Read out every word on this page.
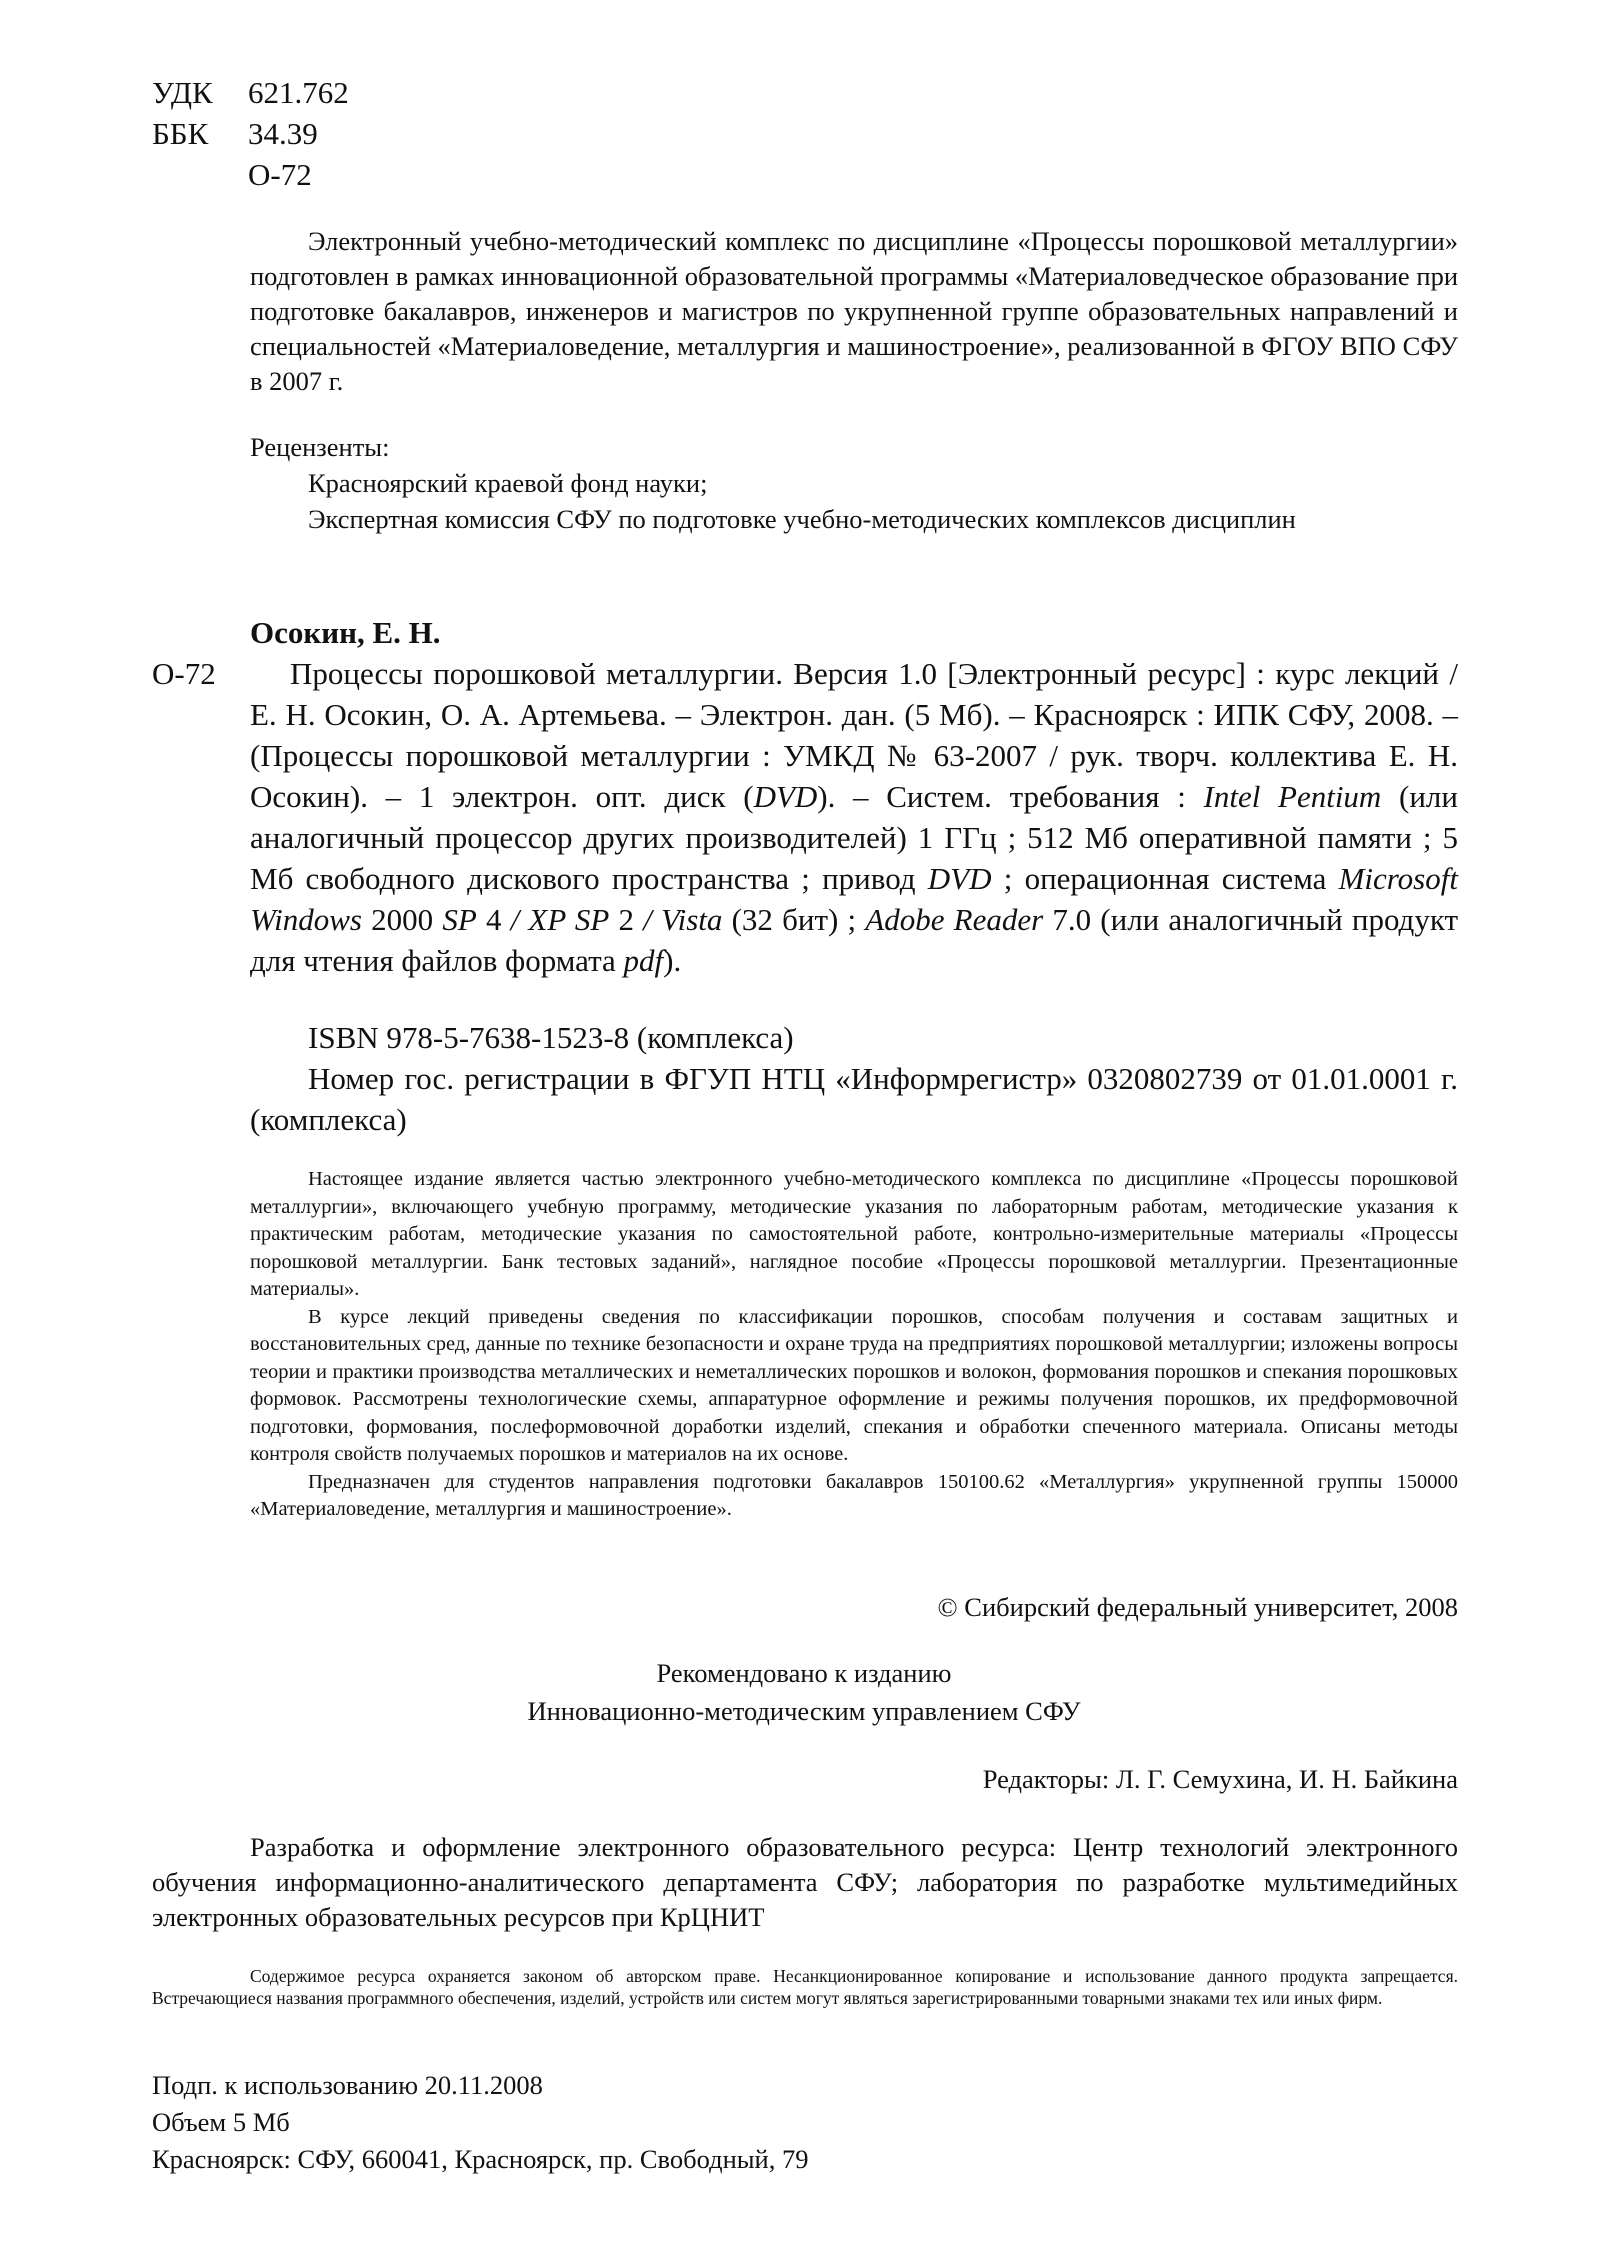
УДК	621.762
ББК	34.39
О-72
Электронный учебно-методический комплекс по дисциплине «Процессы порошковой металлургии» подготовлен в рамках инновационной образовательной программы «Материаловедческое образование при подготовке бакалавров, инженеров и магистров по укрупненной группе образовательных направлений и специальностей «Материаловедение, металлургия и машиностроение», реализованной в ФГОУ ВПО СФУ в 2007 г.
Рецензенты:
Красноярский краевой фонд науки;
Экспертная комиссия СФУ по подготовке учебно-методических комплексов дисциплин
Осокин, Е. Н.
О-72	Процессы порошковой металлургии. Версия 1.0 [Электронный ресурс] : курс лекций / Е. Н. Осокин, О. А. Артемьева. – Электрон. дан. (5 Мб). – Красноярск : ИПК СФУ, 2008. – (Процессы порошковой металлургии : УМКД № 63-2007 / рук. творч. коллектива Е. Н. Осокин). – 1 электрон. опт. диск (DVD). – Систем. требования : Intel Pentium (или аналогичный процессор других производителей) 1 ГГц ; 512 Мб оперативной памяти ; 5 Мб свободного дискового пространства ; привод DVD ; операционная система Microsoft Windows 2000 SP 4 / XP SP 2 / Vista (32 бит) ; Adobe Reader 7.0 (или аналогичный продукт для чтения файлов формата pdf).
ISBN 978-5-7638-1523-8 (комплекса)
Номер гос. регистрации в ФГУП НТЦ «Информрегистр» 0320802739 от 01.01.0001 г. (комплекса)

Настоящее издание является частью электронного учебно-методического комплекса по дисциплине «Процессы порошковой металлургии», включающего учебную программу, методические указания по лабораторным работам, методические указания к практическим работам, методические указания по самостоятельной работе, контрольно-измерительные материалы «Процессы порошковой металлургии. Банк тестовых заданий», наглядное пособие «Процессы порошковой металлургии. Презентационные материалы».

В курсе лекций приведены сведения по классификации порошков, способам получения и составам защитных и восстановительных сред, данные по технике безопасности и охране труда на предприятиях порошковой металлургии; изложены вопросы теории и практики производства металлических и неметаллических порошков и волокон, формования порошков и спекания порошковых формовок. Рассмотрены технологические схемы, аппаратурное оформление и режимы получения порошков, их предформовочной подготовки, формования, послеформовочной доработки изделий, спекания и обработки спеченного материала. Описаны методы контроля свойств получаемых порошков и материалов на их основе.

Предназначен для студентов направления подготовки бакалавров 150100.62 «Металлургия» укрупненной группы 150000 «Материаловедение, металлургия и машиностроение».

© Сибирский федеральный университет, 2008
Рекомендовано к изданию
Инновационно-методическим управлением СФУ
Редакторы: Л. Г. Семухина, И. Н. Байкина
Разработка и оформление электронного образовательного ресурса: Центр технологий электронного обучения информационно-аналитического департамента СФУ; лаборатория по разработке мультимедийных электронных образовательных ресурсов при КрЦНИТ
Содержимое ресурса охраняется законом об авторском праве. Несанкционированное копирование и использование данного продукта запрещается. Встречающиеся названия программного обеспечения, изделий, устройств или систем могут являться зарегистрированными товарными знаками тех или иных фирм.
Подп. к использованию 20.11.2008
Объем 5 Мб
Красноярск: СФУ, 660041, Красноярск, пр. Свободный, 79
